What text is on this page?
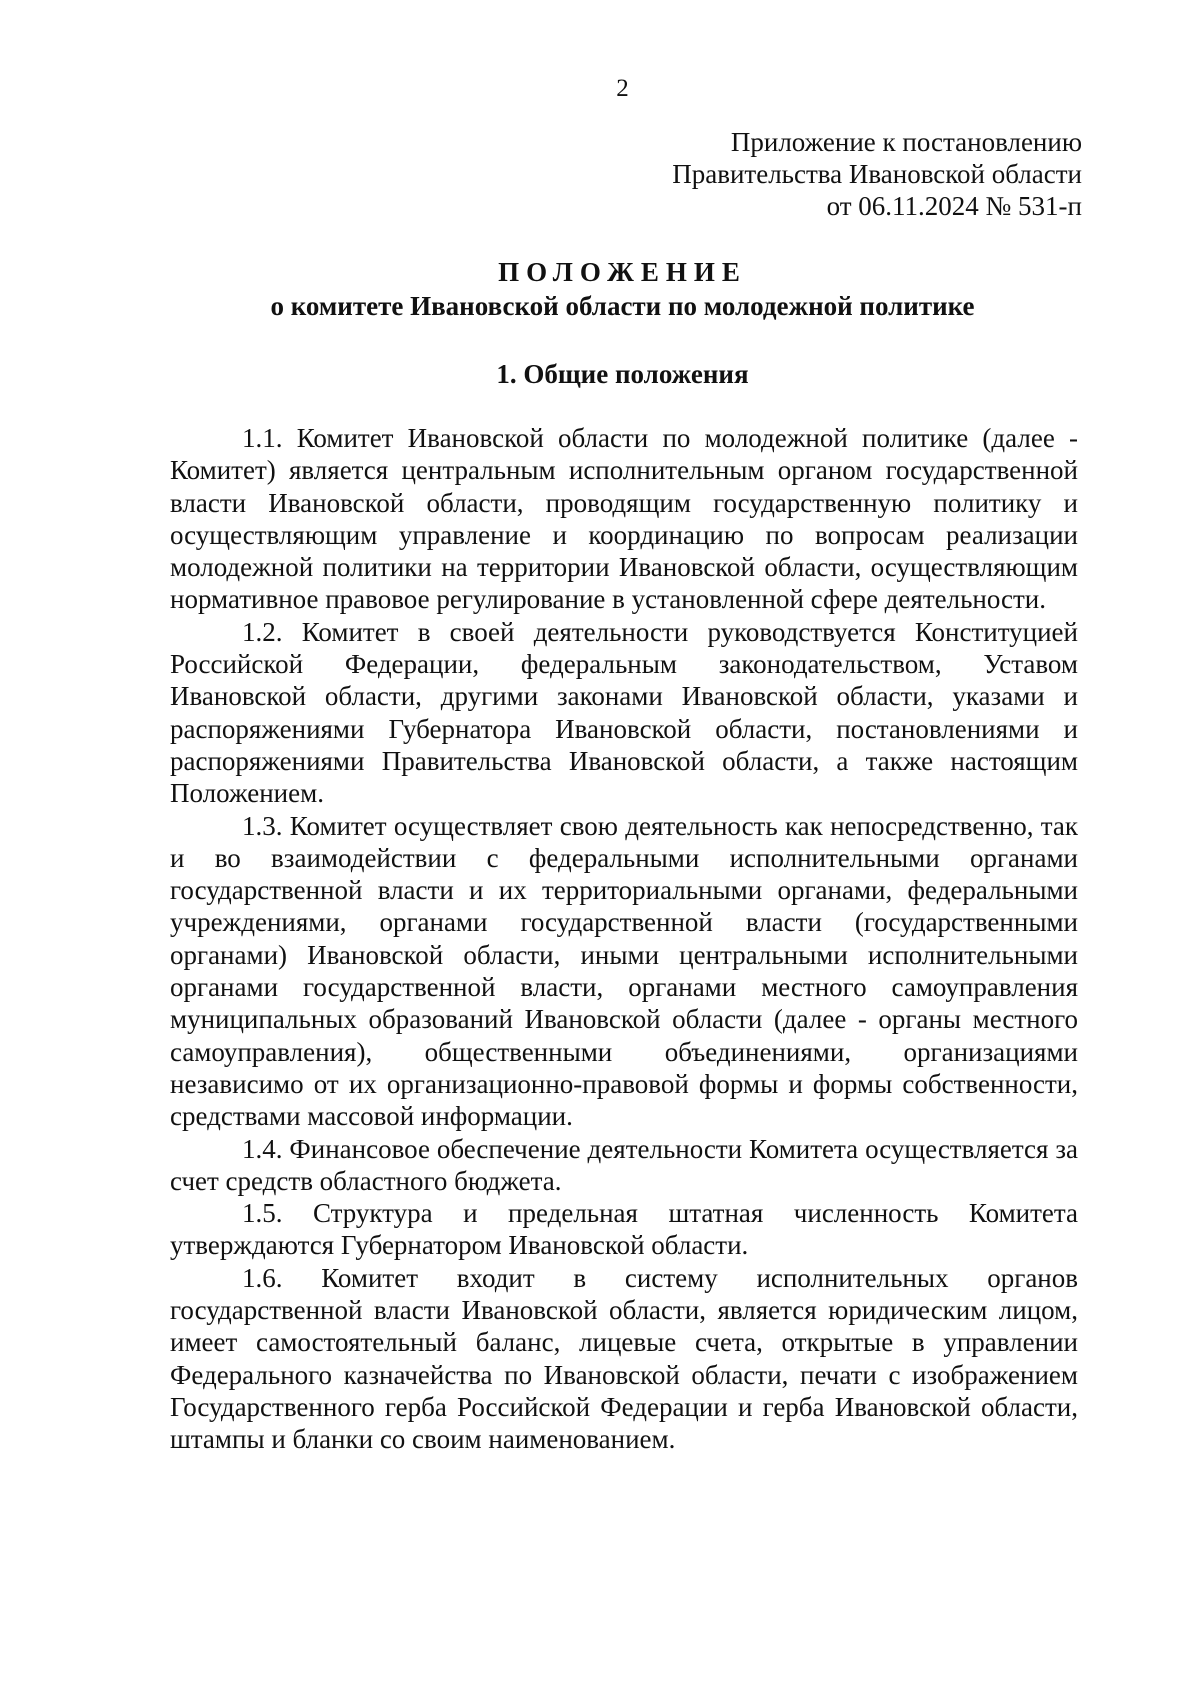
2
Приложение к постановлению
Правительства Ивановской области
от 06.11.2024 № 531-п
ПОЛОЖЕНИЕ
о комитете Ивановской области по молодежной политике
1. Общие положения

1.1. Комитет Ивановской области по молодежной политике (далее - Комитет) является центральным исполнительным органом государственной власти Ивановской области, проводящим государственную политику и осуществляющим управление и координацию по вопросам реализации молодежной политики на территории Ивановской области, осуществляющим нормативное правовое регулирование в установленной сфере деятельности.

1.2. Комитет в своей деятельности руководствуется Конституцией Российской Федерации, федеральным законодательством, Уставом Ивановской области, другими законами Ивановской области, указами и распоряжениями Губернатора Ивановской области, постановлениями и распоряжениями Правительства Ивановской области, а также настоящим Положением.

1.3. Комитет осуществляет свою деятельность как непосредственно, так и во взаимодействии с федеральными исполнительными органами государственной власти и их территориальными органами, федеральными учреждениями, органами государственной власти (государственными органами) Ивановской области, иными центральными исполнительными органами государственной власти, органами местного самоуправления муниципальных образований Ивановской области (далее - органы местного самоуправления), общественными объединениями, организациями независимо от их организационно-правовой формы и формы собственности, средствами массовой информации.

1.4. Финансовое обеспечение деятельности Комитета осуществляется за счет средств областного бюджета.

1.5. Структура и предельная штатная численность Комитета утверждаются Губернатором Ивановской области.

1.6. Комитет входит в систему исполнительных органов государственной власти Ивановской области, является юридическим лицом, имеет самостоятельный баланс, лицевые счета, открытые в управлении Федерального казначейства по Ивановской области, печати с изображением Государственного герба Российской Федерации и герба Ивановской области, штампы и бланки со своим наименованием.
